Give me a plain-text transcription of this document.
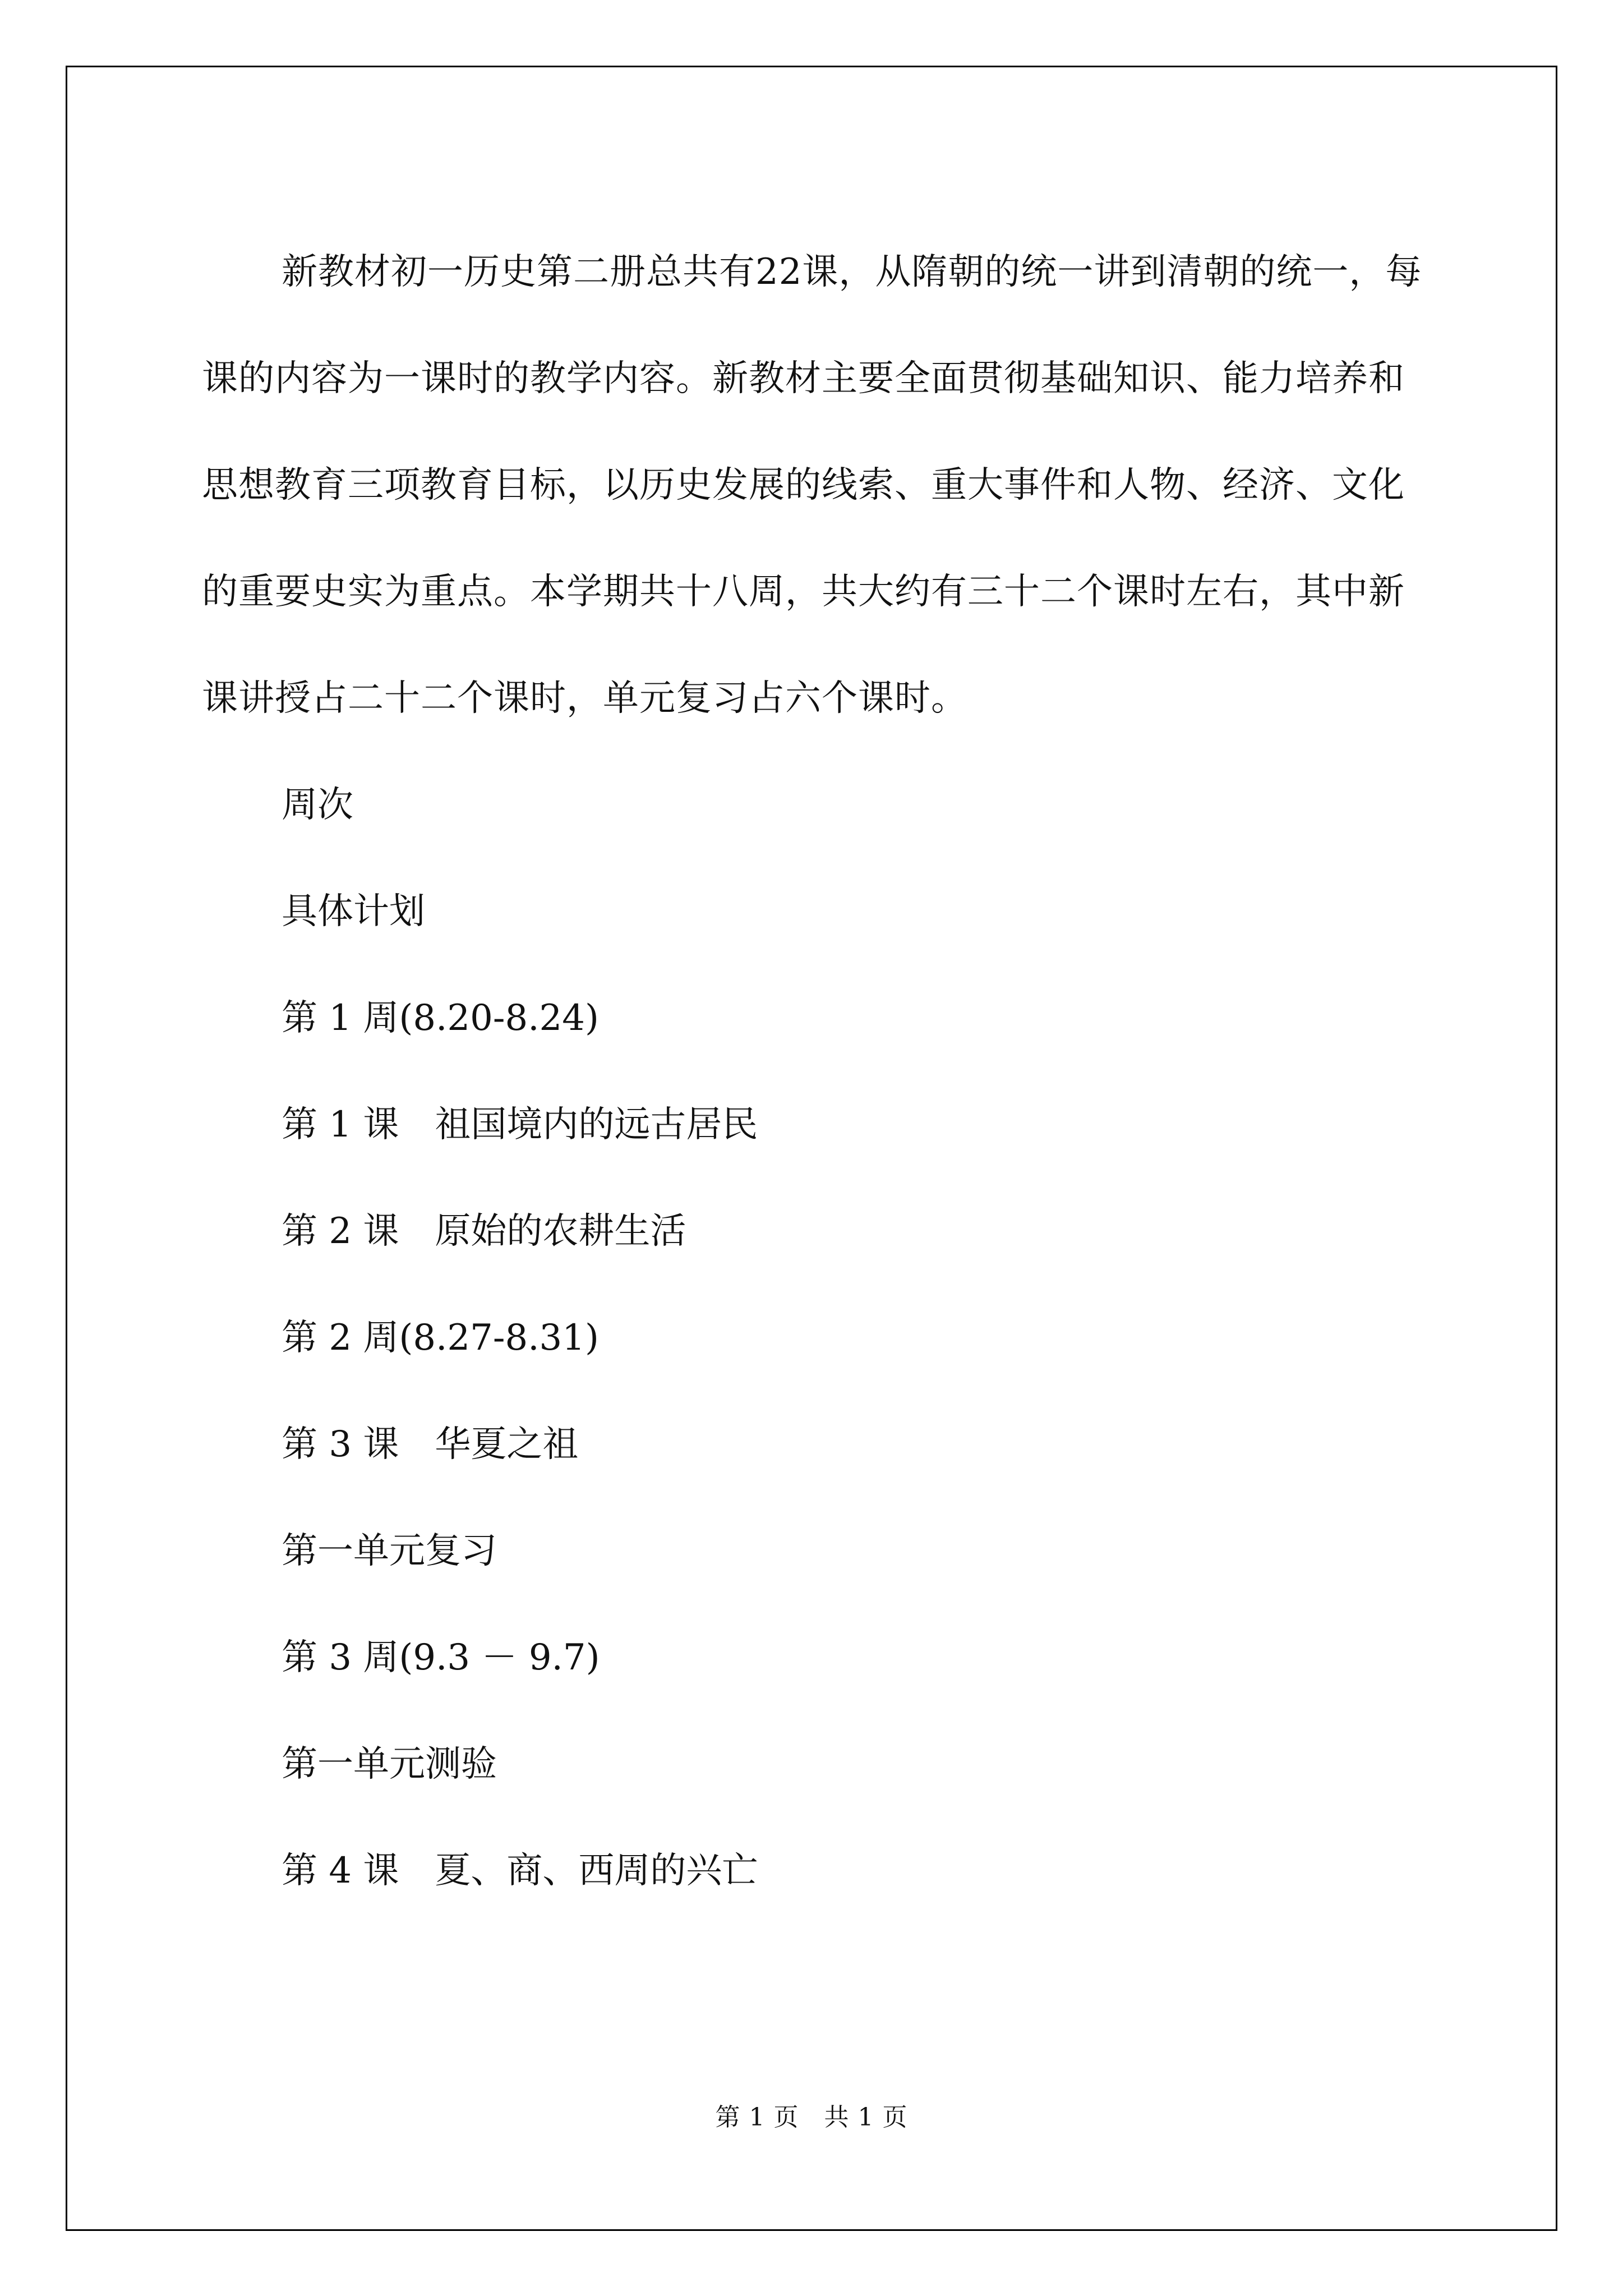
新教材初一历史第二册总共有22课，从隋朝的统一讲到清朝的统一，每课的内容为一课时的教学内容。新教材主要全面贯彻基础知识、能力培养和思想教育三项教育目标，以历史发展的线索、重大事件和人物、经济、文化的重要史实为重点。本学期共十八周，共大约有三十二个课时左右，其中新课讲授占二十二个课时，单元复习占六个课时。

周次
具体计划
第 1 周(8.20-8.24)
第 1 课　祖国境内的远古居民
第 2 课　原始的农耕生活
第 2 周(8.27-8.31)
第 3 课　华夏之祖
第一单元复习
第 3 周(9.3 － 9.7)
第一单元测验
第 4 课　夏、商、西周的兴亡
第 1 页　共 1 页
